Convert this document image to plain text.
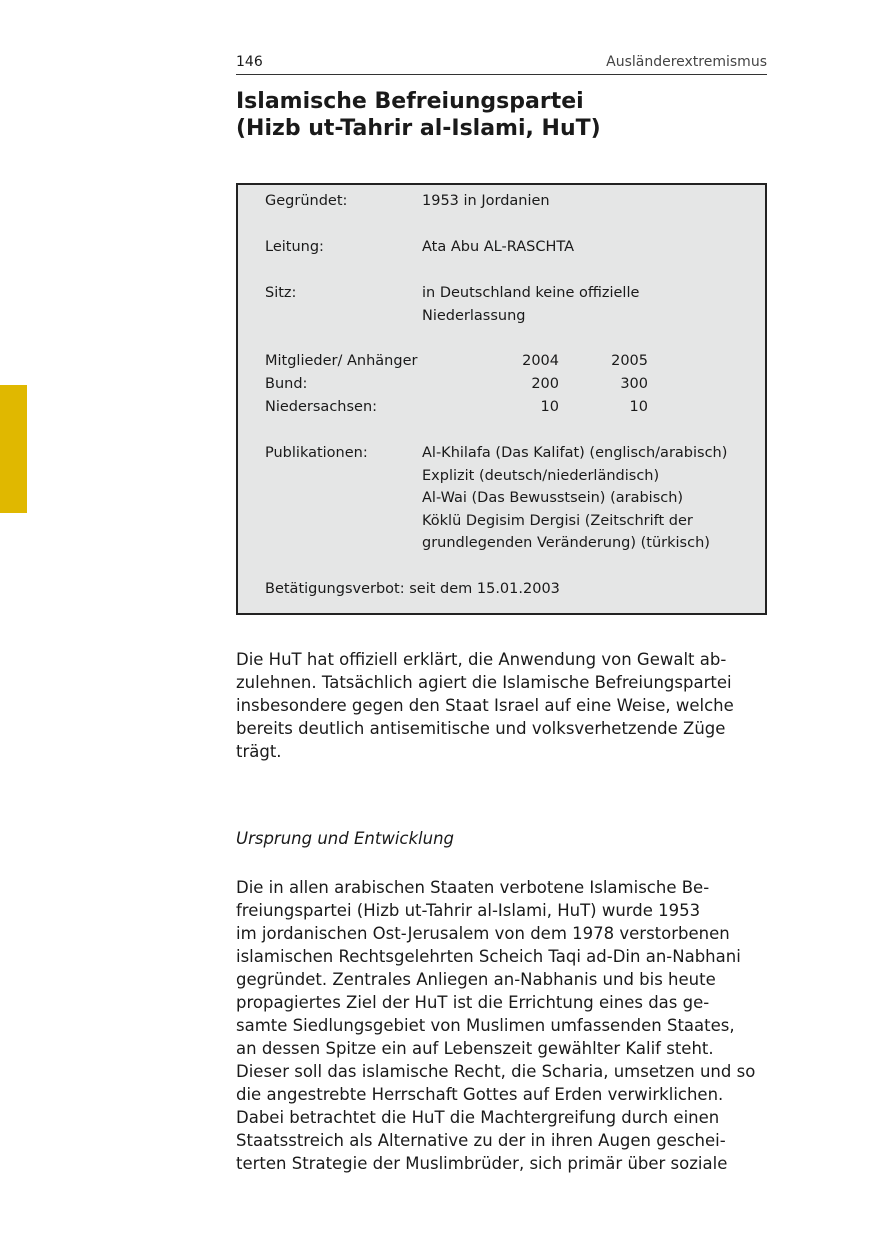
146	Ausländerextremismus
Islamische Befreiungspartei
(Hizb ut-Tahrir al-Islami, HuT)
Gegründet:	1953 in Jordanien
Leitung:	Ata Abu AL-RASCHTA
Sitz:	in Deutschland keine offizielle
Niederlassung
Mitglieder/ Anhänger	2004	2005
Bund:	200	300
Niedersachsen:	10	10
Publikationen:	Al-Khilafa (Das Kalifat) (englisch/arabisch)
Explizit (deutsch/niederländisch)
Al-Wai (Das Bewusstsein) (arabisch)
Köklü Degisim Dergisi (Zeitschrift der
grundlegenden Veränderung) (türkisch)
Betätigungsverbot: seit dem 15.01.2003

Die HuT hat offiziell erklärt, die Anwendung von Gewalt ab-
zulehnen. Tatsächlich agiert die Islamische Befreiungspartei
insbesondere gegen den Staat Israel auf eine Weise, welche
bereits deutlich antisemitische und volksverhetzende Züge
trägt.

Ursprung und Entwicklung

Die in allen arabischen Staaten verbotene Islamische Be-
freiungspartei (Hizb ut-Tahrir al-Islami, HuT) wurde 1953
im jordanischen Ost-Jerusalem von dem 1978 verstorbenen
islamischen Rechtsgelehrten Scheich Taqi ad-Din an-Nabhani
gegründet. Zentrales Anliegen an-Nabhanis und bis heute
propagiertes Ziel der HuT ist die Errichtung eines das ge-
samte Siedlungsgebiet von Muslimen umfassenden Staates,
an dessen Spitze ein auf Lebenszeit gewählter Kalif steht.
Dieser soll das islamische Recht, die Scharia, umsetzen und so
die angestrebte Herrschaft Gottes auf Erden verwirklichen.
Dabei betrachtet die HuT die Machtergreifung durch einen
Staatsstreich als Alternative zu der in ihren Augen geschei-
terten Strategie der Muslimbrüder, sich primär über soziale
